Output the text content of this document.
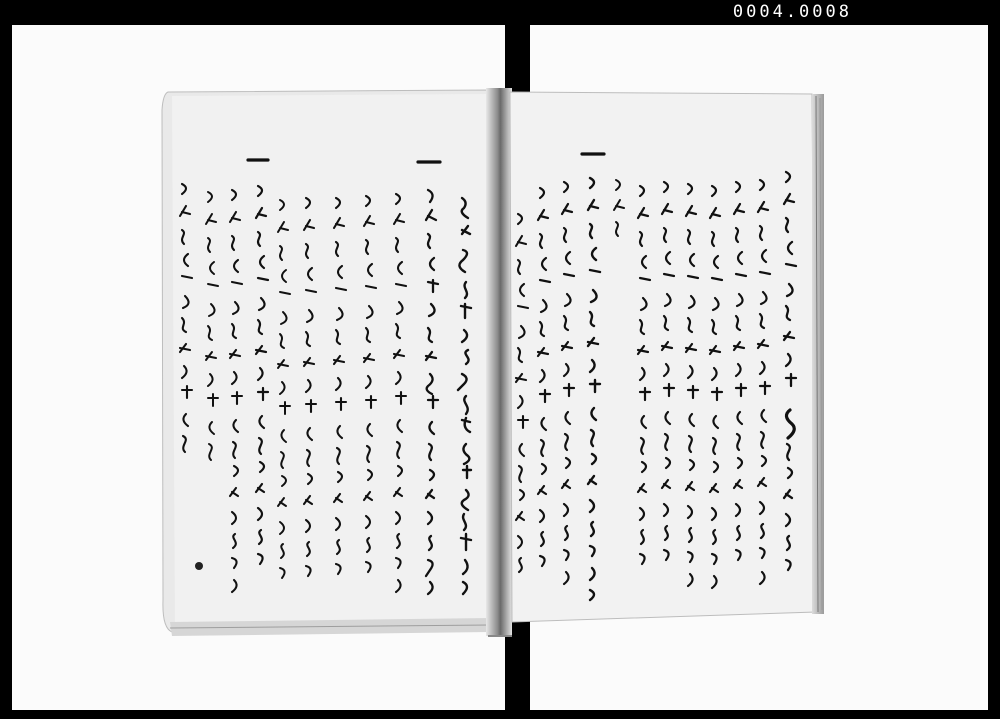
0004.0008
